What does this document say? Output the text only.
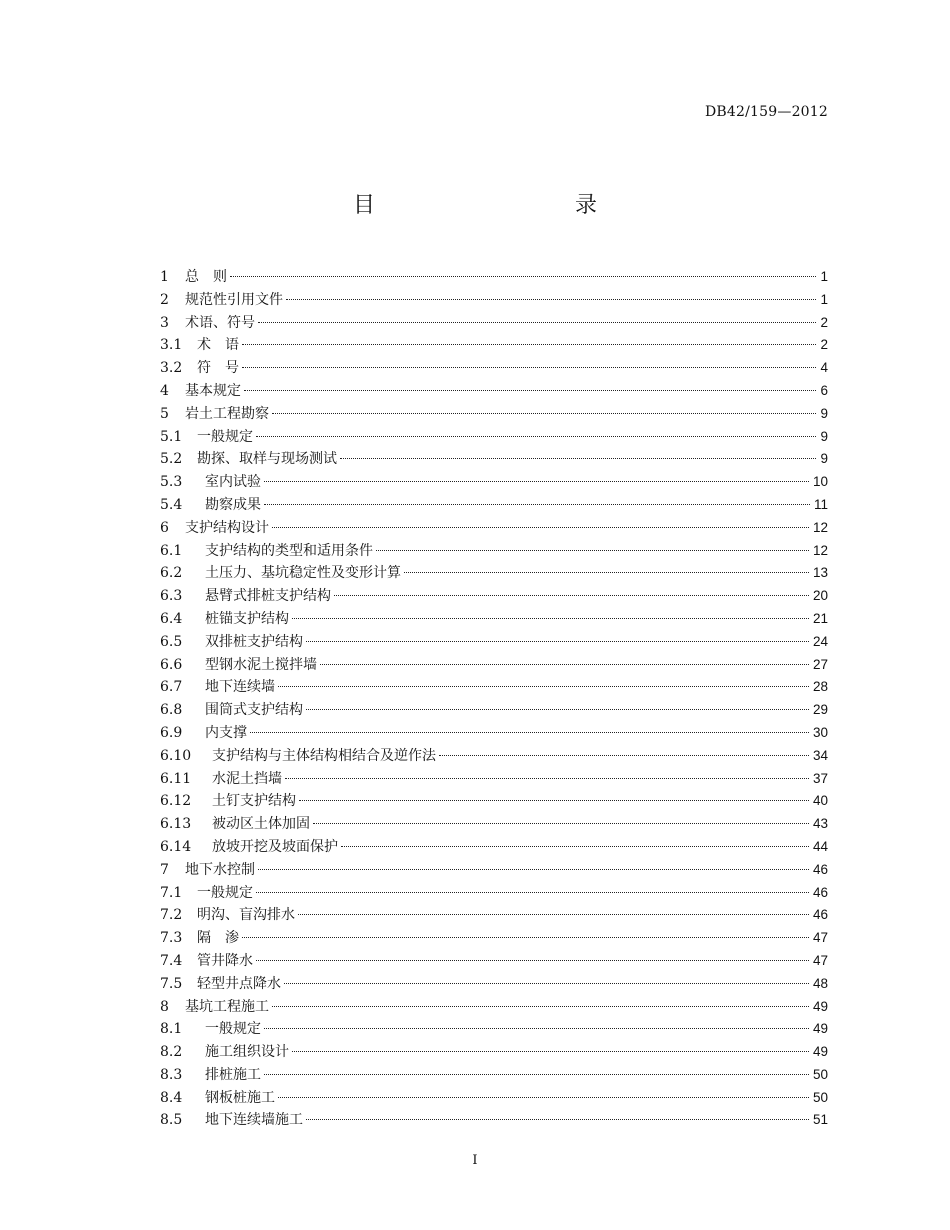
DB42/159—2012
目　　录
1	总　则	1
2	规范性引用文件	1
3	术语、符号	2
3.1	术　语	2
3.2	符　号	4
4	基本规定	6
5	岩土工程勘察	9
5.1	一般规定	9
5.2	勘探、取样与现场测试	9
5.3	室内试验	10
5.4	勘察成果	11
6	支护结构设计	12
6.1	支护结构的类型和适用条件	12
6.2	土压力、基坑稳定性及变形计算	13
6.3	悬臂式排桩支护结构	20
6.4	桩锚支护结构	21
6.5	双排桩支护结构	24
6.6	型钢水泥土搅拌墙	27
6.7	地下连续墙	28
6.8	围筒式支护结构	29
6.9	内支撑	30
6.10	支护结构与主体结构相结合及逆作法	34
6.11	水泥土挡墙	37
6.12	土钉支护结构	40
6.13	被动区土体加固	43
6.14	放坡开挖及坡面保护	44
7	地下水控制	46
7.1	一般规定	46
7.2	明沟、盲沟排水	46
7.3	隔　渗	47
7.4	管井降水	47
7.5	轻型井点降水	48
8	基坑工程施工	49
8.1	一般规定	49
8.2	施工组织设计	49
8.3	排桩施工	50
8.4	钢板桩施工	50
8.5	地下连续墙施工	51
I
